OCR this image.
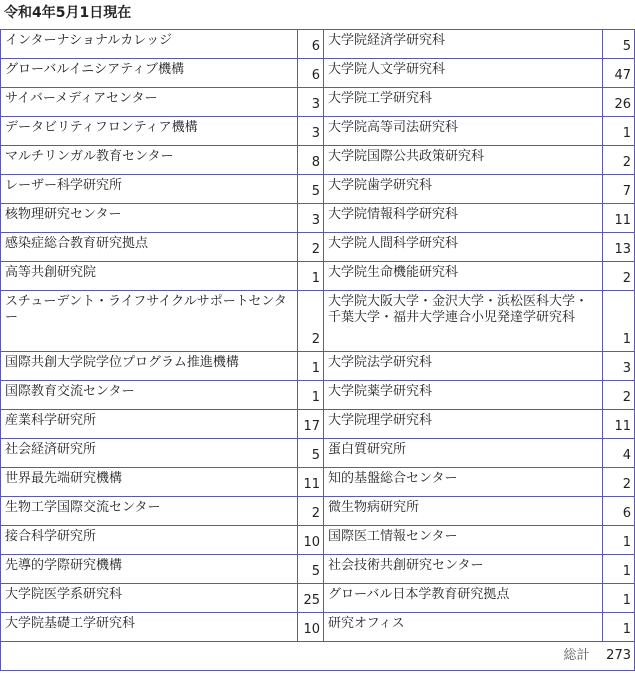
令和4年5月1日現在
インターナショナルカレッジ	6	大学院経済学研究科	5
グローバルイニシアティブ機構	6	大学院人文学研究科	47
サイバーメディアセンター	3	大学院工学研究科	26
データビリティフロンティア機構	3	大学院高等司法研究科	1
マルチリンガル教育センター	8	大学院国際公共政策研究科	2
レーザー科学研究所	5	大学院歯学研究科	7
核物理研究センター	3	大学院情報科学研究科	11
感染症総合教育研究拠点	2	大学院人間科学研究科	13
高等共創研究院	1	大学院生命機能研究科	2
スチューデント・ライフサイクルサポートセンター	2	大学院大阪大学・金沢大学・浜松医科大学・千葉大学・福井大学連合小児発達学研究科	1
国際共創大学院学位プログラム推進機構	1	大学院法学研究科	3
国際教育交流センター	1	大学院薬学研究科	2
産業科学研究所	17	大学院理学研究科	11
社会経済研究所	5	蛋白質研究所	4
世界最先端研究機構	11	知的基盤総合センター	2
生物工学国際交流センター	2	微生物病研究所	6
接合科学研究所	10	国際医工情報センター	1
先導的学際研究機構	5	社会技術共創研究センター	1
大学院医学系研究科	25	グローバル日本学教育研究拠点	1
大学院基礎工学研究科	10	研究オフィス	1
総計			273
